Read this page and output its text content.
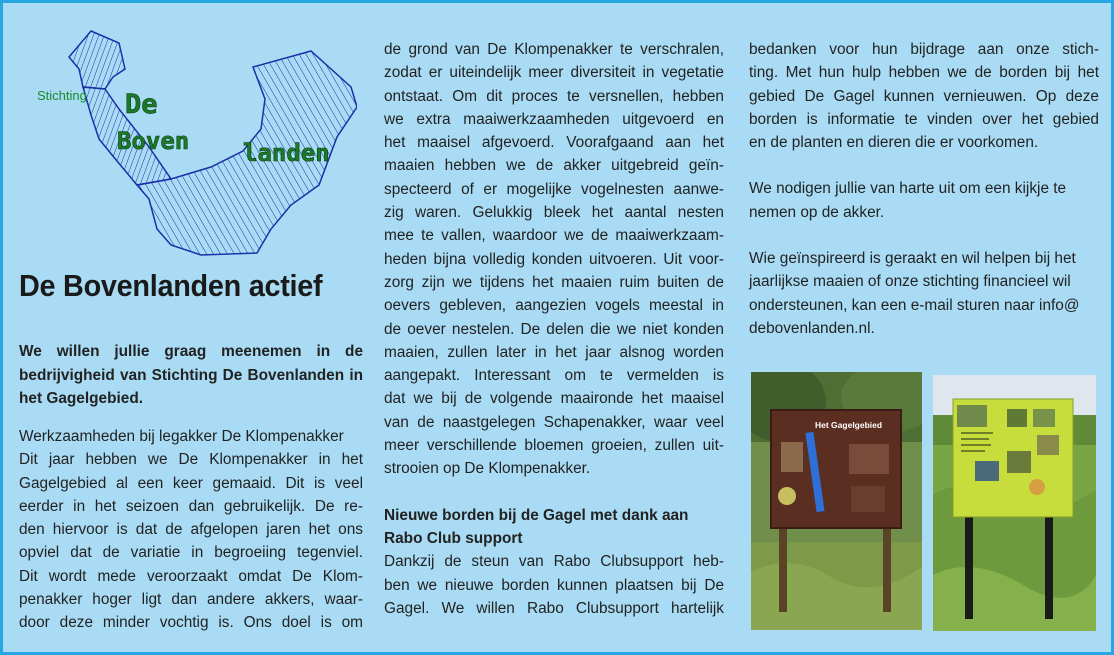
Stichting De
Boven landen
De Bovenlanden actief

We willen jullie graag meenemen in de bedrijvigheid van Stichting De Bovenlanden in het Gagelgebied.

Werkzaamheden bij legakker De Klompenakker
Dit jaar hebben we De Klompenakker in het
Gagelgebied al een keer gemaaid. Dit is veel
eerder in het seizoen dan gebruikelijk. De re-
den hiervoor is dat de afgelopen jaren het ons
opviel dat de variatie in begroeiing tegenviel.
Dit wordt mede veroorzaakt omdat De Klom-
penakker hoger ligt dan andere akkers, waar-
door deze minder vochtig is. Ons doel is om
de grond van De Klompenakker te verschralen,
zodat er uiteindelijk meer diversiteit in vegetatie
ontstaat. Om dit proces te versnellen, hebben
we extra maaiwerkzaamheden uitgevoerd en
het maaisel afgevoerd. Voorafgaand aan het
maaien hebben we de akker uitgebreid geïn-
specteerd of er mogelijke vogelnesten aanwe-
zig waren. Gelukkig bleek het aantal nesten
mee te vallen, waardoor we de maaiwerkzaam-
heden bijna volledig konden uitvoeren. Uit voor-
zorg zijn we tijdens het maaien ruim buiten de
oevers gebleven, aangezien vogels meestal in
de oever nestelen. De delen die we niet konden
maaien, zullen later in het jaar alsnog worden
aangepakt. Interessant om te vermelden is
dat we bij de volgende maaironde het maaisel
van de naastgelegen Schapenakker, waar veel
meer verschillende bloemen groeien, zullen uit-
strooien op De Klompenakker.
Nieuwe borden bij de Gagel met dank aan
Rabo Club support
Dankzij de steun van Rabo Clubsupport heb-
ben we nieuwe borden kunnen plaatsen bij De
Gagel. We willen Rabo Clubsupport hartelijk
bedanken voor hun bijdrage aan onze stich-
ting. Met hun hulp hebben we de borden bij het
gebied De Gagel kunnen vernieuwen. Op deze
borden is informatie te vinden over het gebied
en de planten en dieren die er voorkomen.
We nodigen jullie van harte uit om een kijkje te
nemen op de akker.
Wie geïnspireerd is geraakt en wil helpen bij het
jaarlijkse maaien of onze stichting financieel wil
ondersteunen, kan een e-mail sturen naar info@
debovenlanden.nl.
Het Gagelgebied
